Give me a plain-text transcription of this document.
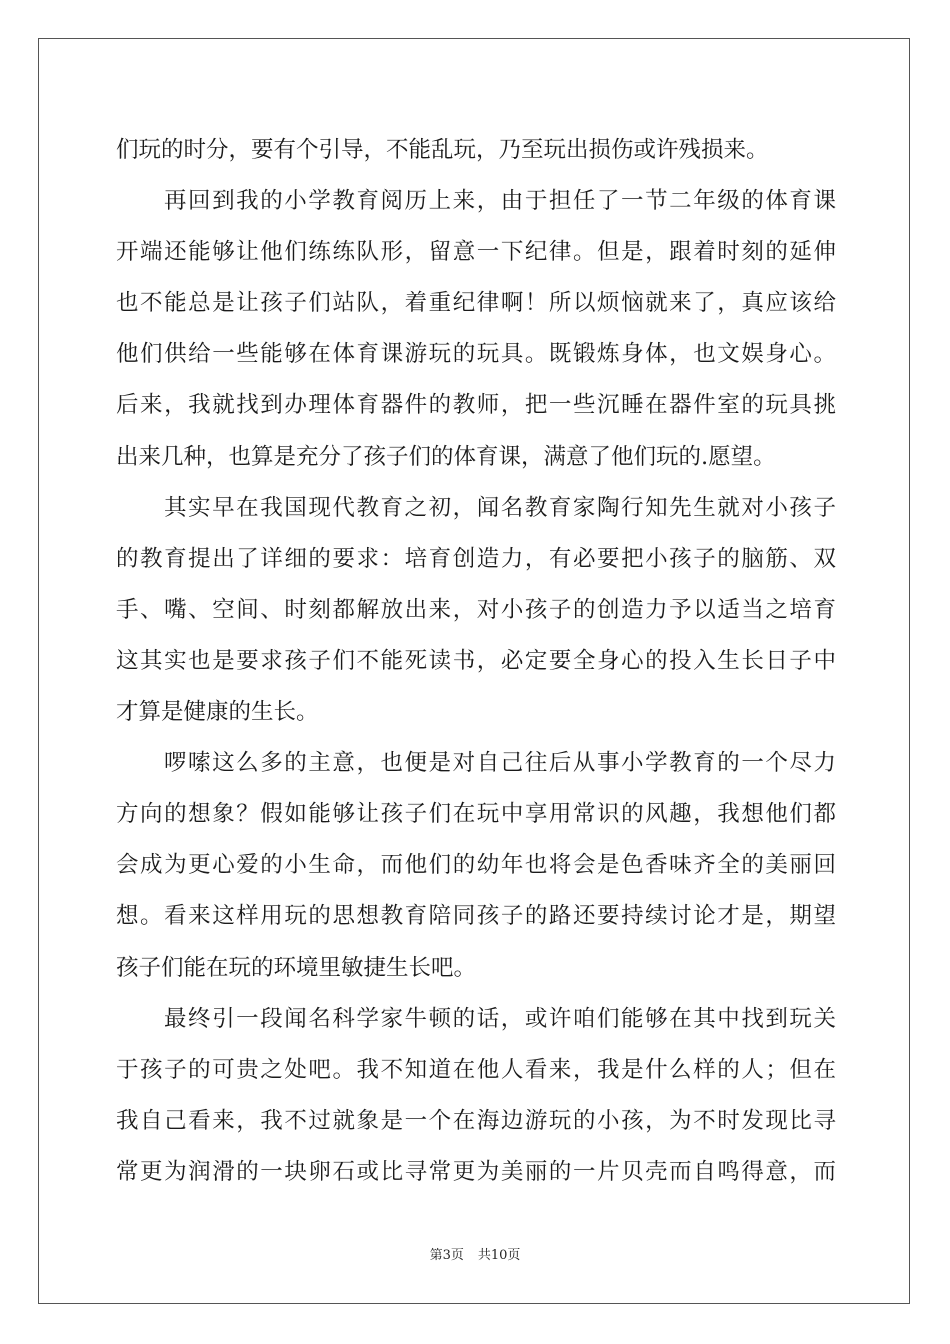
们玩的时分，要有个引导，不能乱玩，乃至玩出损伤或许残损来。
再回到我的小学教育阅历上来，由于担任了一节二年级的体育课
开端还能够让他们练练队形，留意一下纪律。但是，跟着时刻的延伸
也不能总是让孩子们站队，着重纪律啊！所以烦恼就来了，真应该给
他们供给一些能够在体育课游玩的玩具。既锻炼身体，也文娱身心。
后来，我就找到办理体育器件的教师，把一些沉睡在器件室的玩具挑
出来几种，也算是充分了孩子们的体育课，满意了他们玩的.愿望。
其实早在我国现代教育之初，闻名教育家陶行知先生就对小孩子
的教育提出了详细的要求：培育创造力，有必要把小孩子的脑筋、双
手、嘴、空间、时刻都解放出来，对小孩子的创造力予以适当之培育
这其实也是要求孩子们不能死读书，必定要全身心的投入生长日子中
才算是健康的生长。
啰嗦这么多的主意，也便是对自己往后从事小学教育的一个尽力
方向的想象？假如能够让孩子们在玩中享用常识的风趣，我想他们都
会成为更心爱的小生命，而他们的幼年也将会是色香味齐全的美丽回
想。看来这样用玩的思想教育陪同孩子的路还要持续讨论才是，期望
孩子们能在玩的环境里敏捷生长吧。
最终引一段闻名科学家牛顿的话，或许咱们能够在其中找到玩关
于孩子的可贵之处吧。我不知道在他人看来，我是什么样的人；但在
我自己看来，我不过就象是一个在海边游玩的小孩，为不时发现比寻
常更为润滑的一块卵石或比寻常更为美丽的一片贝壳而自鸣得意，而
第3页 共10页
